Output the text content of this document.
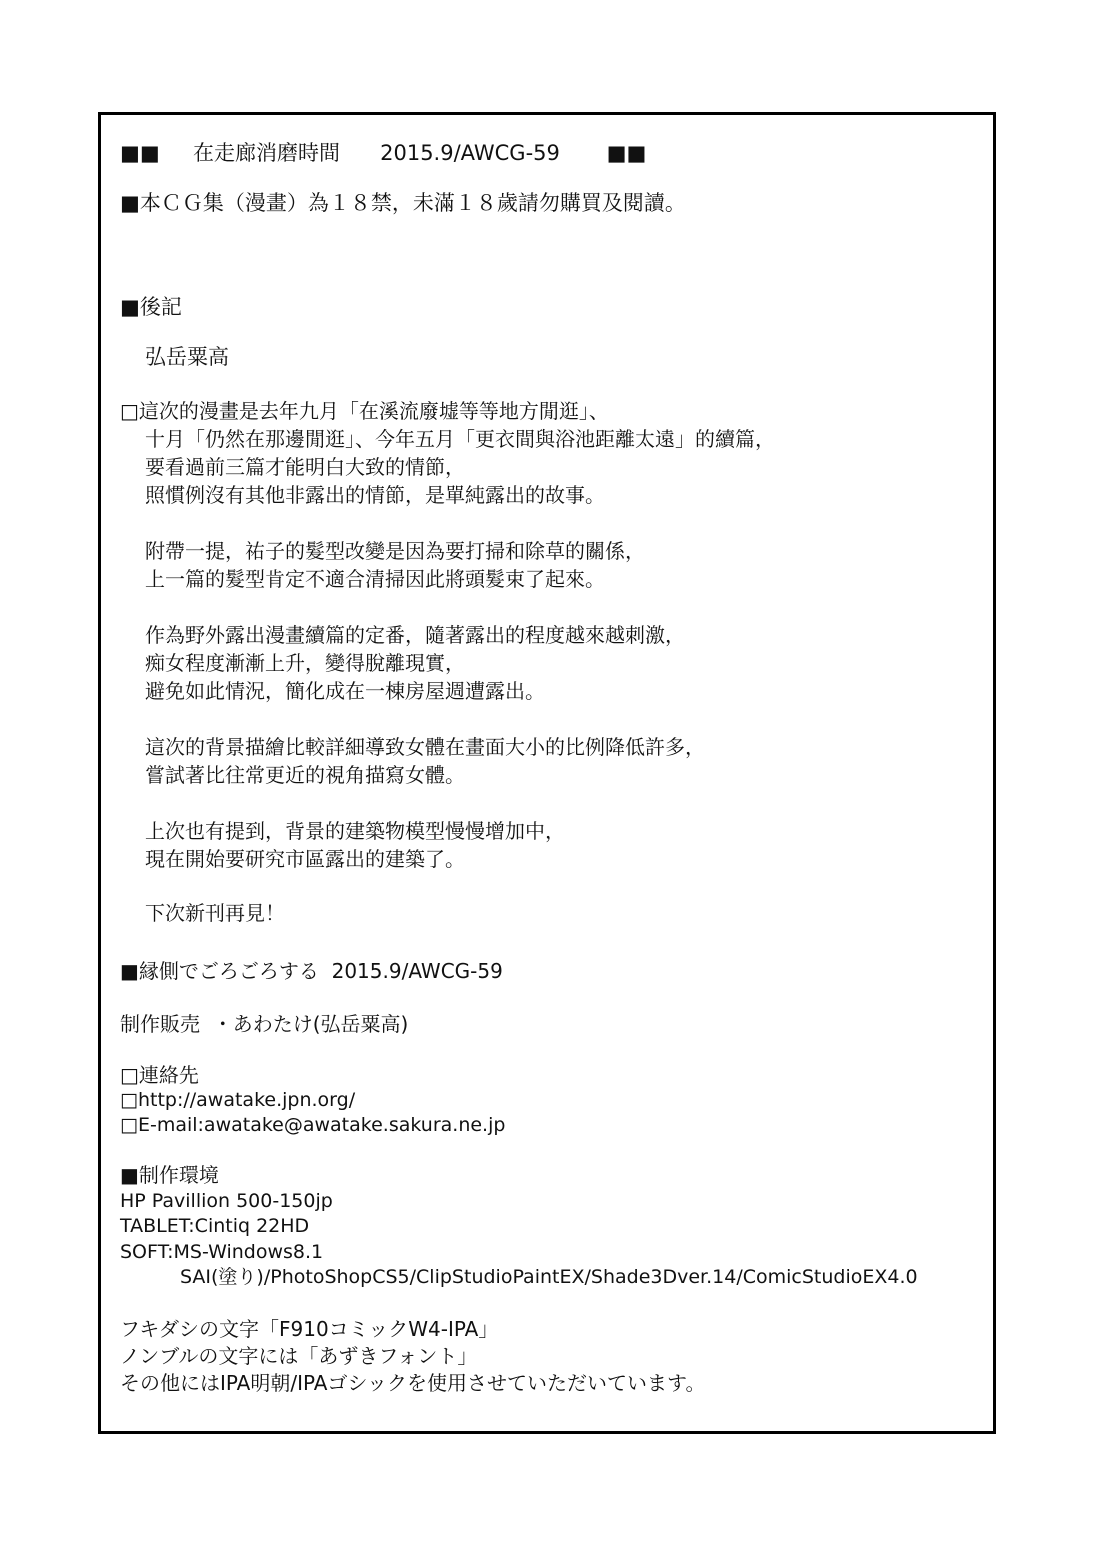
■■     在走廊消磨時間      2015.9/AWCG-59       ■■
■本ＣＧ集（漫畫）為１８禁，未滿１８歲請勿購買及閱讀。
■後記
弘岳粟高
□這次的漫畫是去年九月「在溪流廢墟等等地方閒逛」、
十月「仍然在那邊閒逛」、今年五月「更衣間與浴池距離太遠」的續篇，
要看過前三篇才能明白大致的情節，
照慣例沒有其他非露出的情節，是單純露出的故事。
附帶一提，祐子的髮型改變是因為要打掃和除草的關係，
上一篇的髮型肯定不適合清掃因此將頭髮束了起來。
作為野外露出漫畫續篇的定番，隨著露出的程度越來越刺激，
痴女程度漸漸上升，變得脫離現實，
避免如此情況，簡化成在一棟房屋週遭露出。
這次的背景描繪比較詳細導致女體在畫面大小的比例降低許多，
嘗試著比往常更近的視角描寫女體。
上次也有提到，背景的建築物模型慢慢增加中，
現在開始要研究市區露出的建築了。
下次新刊再見！
■縁側でごろごろする  2015.9/AWCG-59
制作販売  ・あわたけ(弘岳粟高)
□連絡先
□http://awatake.jpn.org/
□E-mail:awatake@awatake.sakura.ne.jp
■制作環境
HP Pavillion 500-150jp
TABLET:Cintiq 22HD
SOFT:MS-Windows8.1
SAI(塗り)/PhotoShopCS5/ClipStudioPaintEX/Shade3Dver.14/ComicStudioEX4.0
フキダシの文字「F910コミックW4-IPA」
ノンブルの文字には「あずきフォント」
その他にはIPA明朝/IPAゴシックを使用させていただいています。
